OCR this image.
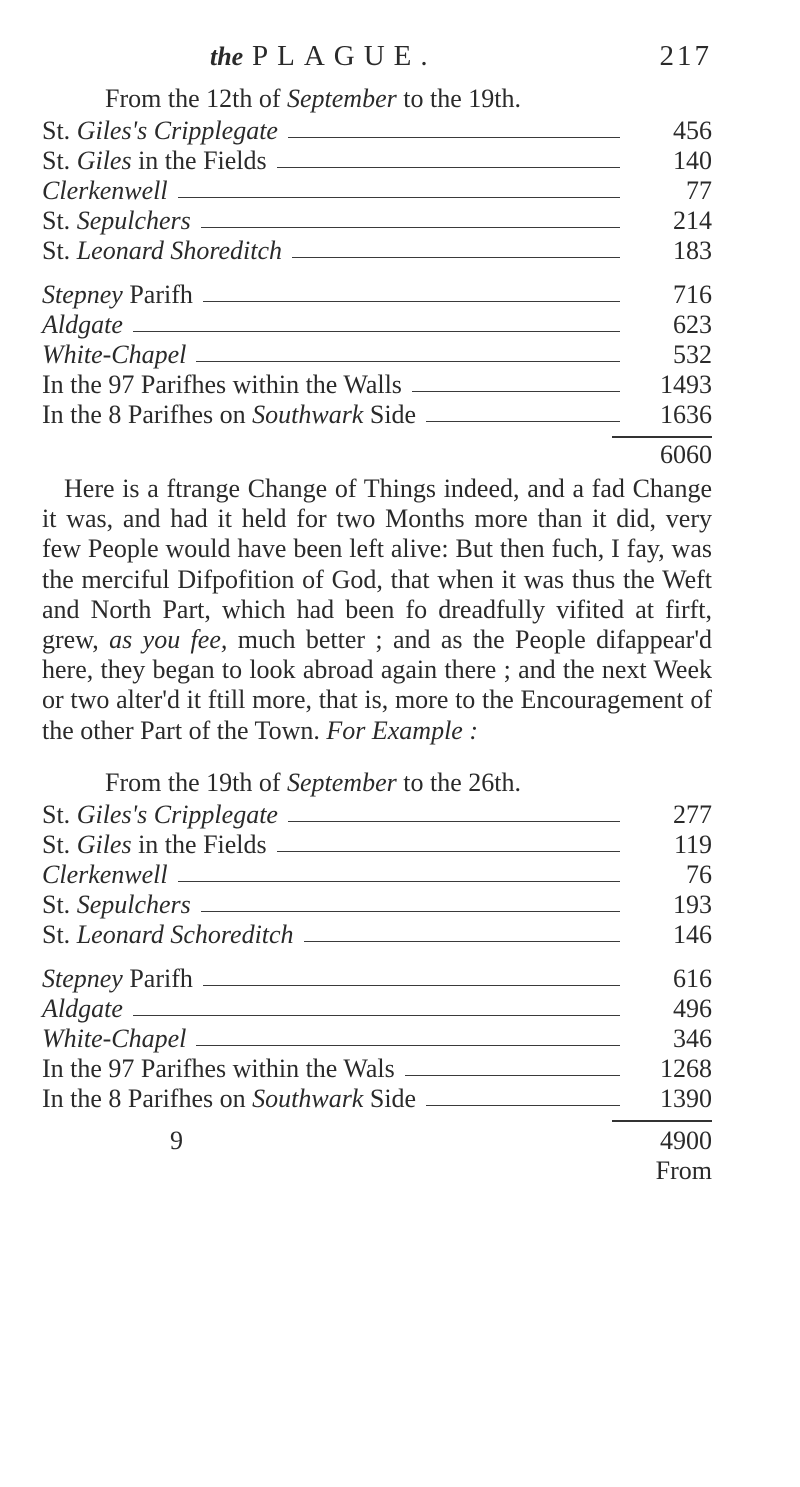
the PLAGUE.	217
From the 12th of September to the 19th.
St. Giles's Cripplegate	456
St. Giles in the Fields	140
Clerkenwell	77
St. Sepulchers	214
St. Leonard Shoreditch	183
Stepney Parifh	716
Aldgate	623
White-Chapel	532
In the 97 Parifhes within the Walls	1493
In the 8 Parifhes on Southwark Side	1636
6060

Here is a ftrange Change of Things indeed, and a fad Change it was, and had it held for two Months more than it did, very few People would have been left alive: But then fuch, I fay, was the merciful Difpofition of God, that when it was thus the Weft and North Part, which had been fo dreadfully vifited at firft, grew, as you fee, much better ; and as the People difappear'd here, they began to look abroad again there ; and the next Week or two alter'd it ftill more, that is, more to the Encouragement of the other Part of the Town. For Example :

From the 19th of September to the 26th.
St. Giles's Cripplegate	277
St. Giles in the Fields	119
Clerkenwell	76
St. Sepulchers	193
St. Leonard Schoreditch	146
Stepney Parifh	616
Aldgate	496
White-Chapel	346
In the 97 Parifhes within the Wals	1268
In the 8 Parifhes on Southwark Side	1390
9	4900
From
